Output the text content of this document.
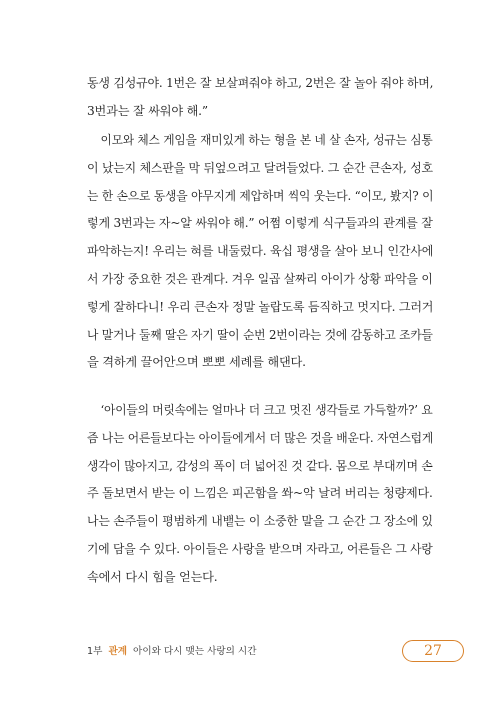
동생 김성규야. 1번은 잘 보살펴줘야 하고, 2번은 잘 놀아 줘야 하며,
3번과는 잘 싸워야 해.”

이모와 체스 게임을 재미있게 하는 형을 본 네 살 손자, 성규는 심통
이 났는지 체스판을 막 뒤엎으려고 달려들었다. 그 순간 큰손자, 성호
는 한 손으로 동생을 야무지게 제압하며 씩익 웃는다. “이모, 봤지? 이
렇게 3번과는 자~알 싸워야 해.” 어쩜 이렇게 식구들과의 관계를 잘
파악하는지! 우리는 혀를 내둘렀다. 육십 평생을 살아 보니 인간사에
서 가장 중요한 것은 관계다. 겨우 일곱 살짜리 아이가 상황 파악을 이
렇게 잘하다니! 우리 큰손자 정말 놀랍도록 듬직하고 멋지다. 그러거
나 말거나 둘째 딸은 자기 딸이 순번 2번이라는 것에 감동하고 조카들
을 격하게 끌어안으며 뽀뽀 세례를 해댄다.

‘아이들의 머릿속에는 얼마나 더 크고 멋진 생각들로 가득할까?’ 요
즘 나는 어른들보다는 아이들에게서 더 많은 것을 배운다. 자연스럽게
생각이 많아지고, 감성의 폭이 더 넓어진 것 같다. 몸으로 부대끼며 손
주 돌보면서 받는 이 느낌은 피곤함을 쏴~악 날려 버리는 청량제다.
나는 손주들이 평범하게 내뱉는 이 소중한 말을 그 순간 그 장소에 있
기에 담을 수 있다. 아이들은 사랑을 받으며 자라고, 어른들은 그 사랑
속에서 다시 힘을 얻는다.

1부 관계 아이와 다시 맺는 사랑의 시간	27
